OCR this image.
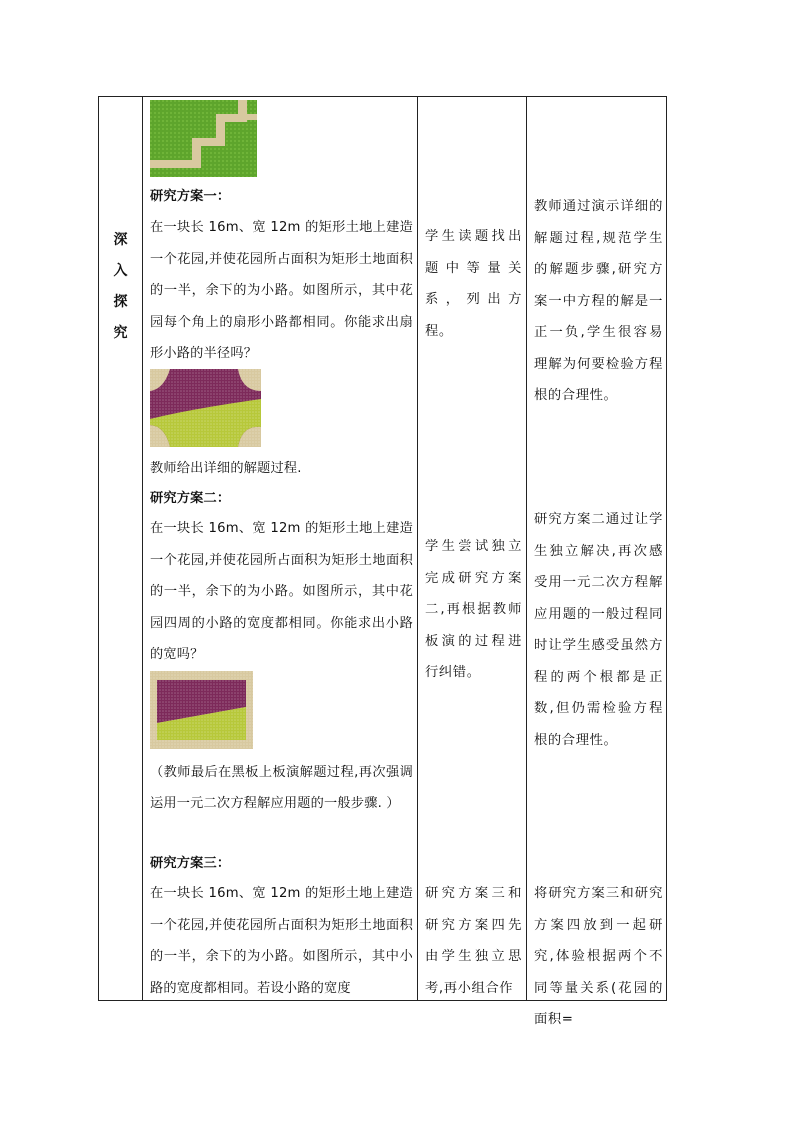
深
入
探
究

研究方案一：

在一块长 16m、宽 12m 的矩形土地上建造一个花园,并使花园所占面积为矩形土地面积的一半，余下的为小路。如图所示，其中花园每个角上的扇形小路都相同。你能求出扇形小路的半径吗？

教师给出详细的解题过程.

研究方案二：

在一块长 16m、宽 12m 的矩形土地上建造一个花园,并使花园所占面积为矩形土地面积的一半，余下的为小路。如图所示，其中花园四周的小路的宽度都相同。你能求出小路的宽吗？

（教师最后在黑板上板演解题过程,再次强调运用一元二次方程解应用题的一般步骤. ）

研究方案三：

在一块长 16m、宽 12m 的矩形土地上建造一个花园,并使花园所占面积为矩形土地面积的一半，余下的为小路。如图所示，其中小路的宽度都相同。若设小路的宽度

学生读题找出题中等量关系，列出方程。

学生尝试独立完成研究方案二,再根据教师板演的过程进行纠错。

研究方案三和研究方案四先由学生独立思考,再小组合作

教师通过演示详细的解题过程,规范学生的解题步骤,研究方案一中方程的解是一正一负,学生很容易理解为何要检验方程根的合理性。

研究方案二通过让学生独立解决,再次感受用一元二次方程解应用题的一般过程同时让学生感受虽然方程的两个根都是正数,但仍需检验方程根的合理性。

将研究方案三和研究方案四放到一起研究,体验根据两个不同等量关系(花园的面积=
